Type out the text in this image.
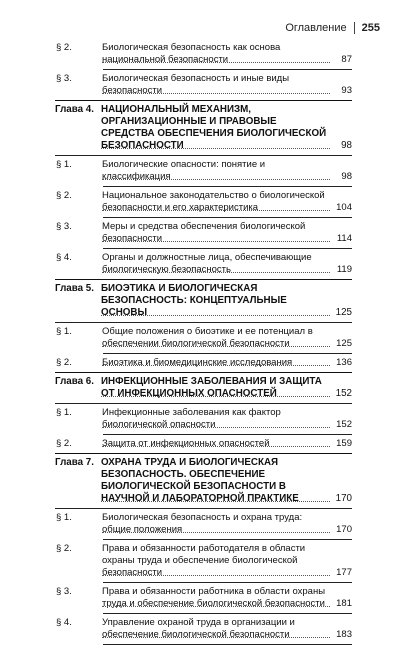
Оглавление 255
§ 2.	Биологическая безопасность как основа национальной безопасности	87
§ 3.	Биологическая безопасность и иные виды безопасности	93
Глава 4. НАЦИОНАЛЬНЫЙ МЕХАНИЗМ, ОРГАНИЗАЦИОННЫЕ И ПРАВОВЫЕ СРЕДСТВА ОБЕСПЕЧЕНИЯ БИОЛОГИЧЕСКОЙ БЕЗОПАСНОСТИ	98
§ 1.	Биологические опасности: понятие и классификация	98
§ 2.	Национальное законодательство о биологической безопасности и его характеристика	104
§ 3.	Меры и средства обеспечения биологической безопасности	114
§ 4.	Органы и должностные лица, обеспечивающие биологическую безопасность	119
Глава 5. БИОЭТИКА И БИОЛОГИЧЕСКАЯ БЕЗОПАСНОСТЬ: КОНЦЕПТУАЛЬНЫЕ ОСНОВЫ	125
§ 1.	Общие положения о биоэтике и ее потенциал в обеспечении биологической безопасности	125
§ 2.	Биоэтика и биомедицинские исследования	136
Глава 6. ИНФЕКЦИОННЫЕ ЗАБОЛЕВАНИЯ И ЗАЩИТА ОТ ИНФЕКЦИОННЫХ ОПАСНОСТЕЙ	152
§ 1.	Инфекционные заболевания как фактор биологической опасности	152
§ 2.	Защита от инфекционных опасностей	159
Глава 7. ОХРАНА ТРУДА И БИОЛОГИЧЕСКАЯ БЕЗОПАСНОСТЬ. ОБЕСПЕЧЕНИЕ БИОЛОГИЧЕСКОЙ БЕЗОПАСНОСТИ В НАУЧНОЙ И ЛАБОРАТОРНОЙ ПРАКТИКЕ	170
§ 1.	Биологическая безопасность и охрана труда: общие положения	170
§ 2.	Права и обязанности работодателя в области охраны труда и обеспечение биологической безопасности	177
§ 3.	Права и обязанности работника в области охраны труда и обеспечение биологической безопасности 181
§ 4.	Управление охраной труда в организации и обеспечение биологической безопасности	183
